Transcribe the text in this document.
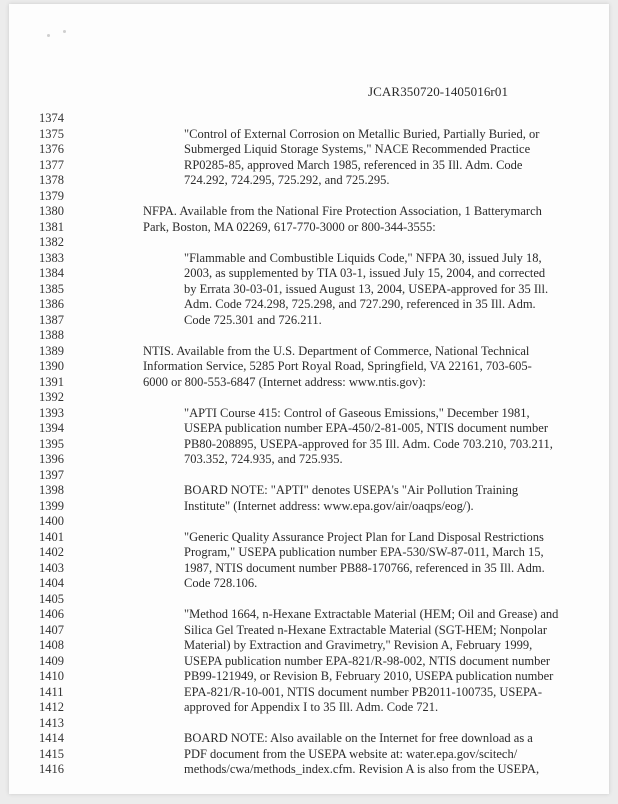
JCAR350720-1405016r01
1374
1375	"Control of External Corrosion on Metallic Buried, Partially Buried, or
1376	Submerged Liquid Storage Systems," NACE Recommended Practice
1377	RP0285-85, approved March 1985, referenced in 35 Ill. Adm. Code
1378	724.292, 724.295, 725.292, and 725.295.
1379
1380	NFPA. Available from the National Fire Protection Association, 1 Batterymarch
1381	Park, Boston, MA 02269, 617-770-3000 or 800-344-3555:
1382
1383	"Flammable and Combustible Liquids Code," NFPA 30, issued July 18,
1384	2003, as supplemented by TIA 03-1, issued July 15, 2004, and corrected
1385	by Errata 30-03-01, issued August 13, 2004, USEPA-approved for 35 Ill.
1386	Adm. Code 724.298, 725.298, and 727.290, referenced in 35 Ill. Adm.
1387	Code 725.301 and 726.211.
1388
1389	NTIS. Available from the U.S. Department of Commerce, National Technical
1390	Information Service, 5285 Port Royal Road, Springfield, VA 22161, 703-605-
1391	6000 or 800-553-6847 (Internet address: www.ntis.gov):
1392
1393	"APTI Course 415: Control of Gaseous Emissions," December 1981,
1394	USEPA publication number EPA-450/2-81-005, NTIS document number
1395	PB80-208895, USEPA-approved for 35 Ill. Adm. Code 703.210, 703.211,
1396	703.352, 724.935, and 725.935.
1397
1398	BOARD NOTE: "APTI" denotes USEPA's "Air Pollution Training
1399	Institute" (Internet address: www.epa.gov/air/oaqps/eog/).
1400
1401	"Generic Quality Assurance Project Plan for Land Disposal Restrictions
1402	Program," USEPA publication number EPA-530/SW-87-011, March 15,
1403	1987, NTIS document number PB88-170766, referenced in 35 Ill. Adm.
1404	Code 728.106.
1405
1406	"Method 1664, n-Hexane Extractable Material (HEM; Oil and Grease) and
1407	Silica Gel Treated n-Hexane Extractable Material (SGT-HEM; Nonpolar
1408	Material) by Extraction and Gravimetry," Revision A, February 1999,
1409	USEPA publication number EPA-821/R-98-002, NTIS document number
1410	PB99-121949, or Revision B, February 2010, USEPA publication number
1411	EPA-821/R-10-001, NTIS document number PB2011-100735, USEPA-
1412	approved for Appendix I to 35 Ill. Adm. Code 721.
1413
1414	BOARD NOTE: Also available on the Internet for free download as a
1415	PDF document from the USEPA website at: water.epa.gov/scitech/
1416	methods/cwa/methods_index.cfm. Revision A is also from the USEPA,
